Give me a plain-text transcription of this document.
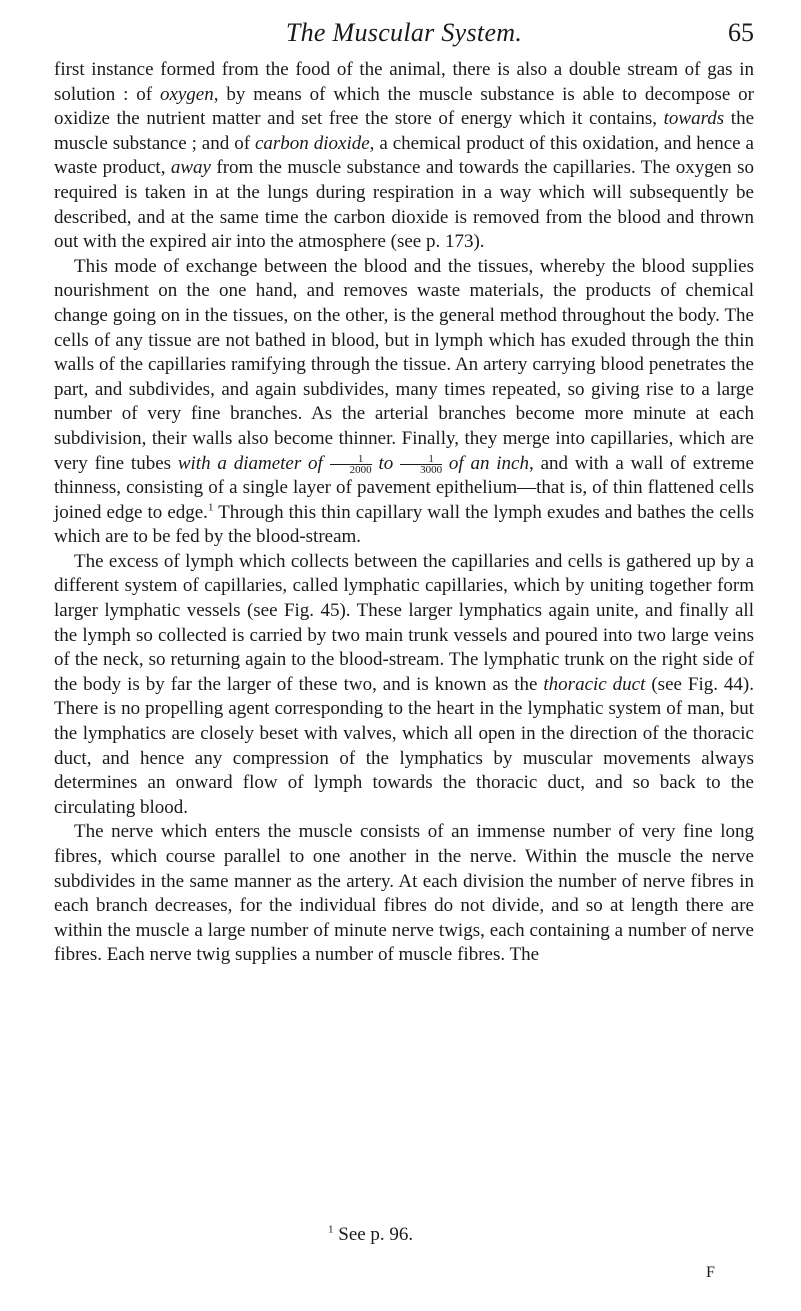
The Muscular System.	65

first instance formed from the food of the animal, there is also a double stream of gas in solution : of oxygen, by means of which the muscle substance is able to decompose or oxidize the nutrient matter and set free the store of energy which it contains, towards the muscle substance ; and of carbon dioxide, a chemical product of this oxidation, and hence a waste product, away from the muscle substance and towards the capillaries. The oxygen so required is taken in at the lungs during respiration in a way which will subsequently be described, and at the same time the carbon dioxide is removed from the blood and thrown out with the expired air into the atmosphere (see p. 173).

This mode of exchange between the blood and the tissues, whereby the blood supplies nourishment on the one hand, and removes waste materials, the products of chemical change going on in the tissues, on the other, is the general method throughout the body. The cells of any tissue are not bathed in blood, but in lymph which has exuded through the thin walls of the capillaries ramifying through the tissue. An artery carrying blood penetrates the part, and subdivides, and again subdivides, many times repeated, so giving rise to a large number of very fine branches. As the arterial branches become more minute at each subdivision, their walls also become thinner. Finally, they merge into capillaries, which are very fine tubes with a diameter of $\frac{1}{2000}$ to $\frac{1}{3000}$ of an inch, and with a wall of extreme thinness, consisting of a single layer of pavement epithelium—that is, of thin flattened cells joined edge to edge.$^1$ Through this thin capillary wall the lymph exudes and bathes the cells which are to be fed by the blood-stream.

The excess of lymph which collects between the capillaries and cells is gathered up by a different system of capillaries, called lymphatic capillaries, which by uniting together form larger lymphatic vessels (see Fig. 45). These larger lymphatics again unite, and finally all the lymph so collected is carried by two main trunk vessels and poured into two large veins of the neck, so returning again to the blood-stream. The lymphatic trunk on the right side of the body is by far the larger of these two, and is known as the thoracic duct (see Fig. 44). There is no propelling agent corresponding to the heart in the lymphatic system of man, but the lymphatics are closely beset with valves, which all open in the direction of the thoracic duct, and hence any compression of the lymphatics by muscular movements always determines an onward flow of lymph towards the thoracic duct, and so back to the circulating blood.

The nerve which enters the muscle consists of an immense number of very fine long fibres, which course parallel to one another in the nerve. Within the muscle the nerve subdivides in the same manner as the artery. At each division the number of nerve fibres in each branch decreases, for the individual fibres do not divide, and so at length there are within the muscle a large number of minute nerve twigs, each containing a number of nerve fibres. Each nerve twig supplies a number of muscle fibres. The

$^1$ See p. 96.
F
